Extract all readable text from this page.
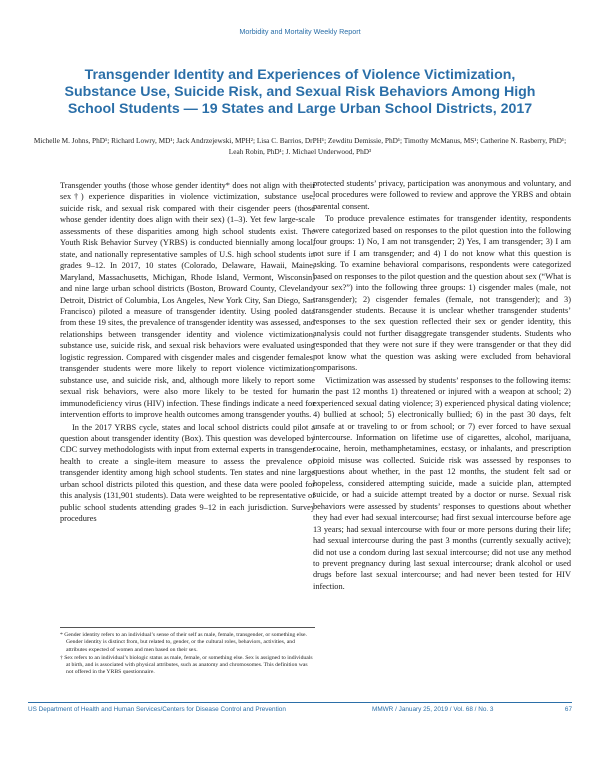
Morbidity and Mortality Weekly Report
Transgender Identity and Experiences of Violence Victimization, Substance Use, Suicide Risk, and Sexual Risk Behaviors Among High School Students — 19 States and Large Urban School Districts, 2017

Michelle M. Johns, PhD¹; Richard Lowry, MD¹; Jack Andrzejewski, MPH²; Lisa C. Barrios, DrPH¹; Zewditu Demissie, PhD¹; Timothy McManus, MS¹; Catherine N. Rasberry, PhD¹; Leah Robin, PhD¹; J. Michael Underwood, PhD³

Transgender youths (those whose gender identity* does not align with their sex†) experience disparities in violence victimization, substance use, suicide risk, and sexual risk compared with their cisgender peers (those whose gender identity does align with their sex) (1–3). Yet few large-scale assessments of these disparities among high school students exist. The Youth Risk Behavior Survey (YRBS) is conducted biennially among local, state, and nationally representative samples of U.S. high school students in grades 9–12. In 2017, 10 states (Colorado, Delaware, Hawaii, Maine, Maryland, Massachusetts, Michigan, Rhode Island, Vermont, Wisconsin) and nine large urban school districts (Boston, Broward County, Cleveland, Detroit, District of Columbia, Los Angeles, New York City, San Diego, San Francisco) piloted a measure of transgender identity. Using pooled data from these 19 sites, the prevalence of transgender identity was assessed, and relationships between transgender identity and violence victimization, substance use, suicide risk, and sexual risk behaviors were evaluated using logistic regression. Compared with cisgender males and cisgender females, transgender students were more likely to report violence victimization, substance use, and suicide risk, and, although more likely to report some sexual risk behaviors, were also more likely to be tested for human immunodeficiency virus (HIV) infection. These findings indicate a need for intervention efforts to improve health outcomes among transgender youths.

In the 2017 YRBS cycle, states and local school districts could pilot a question about transgender identity (Box). This question was developed by CDC survey methodologists with input from external experts in transgender health to create a single-item measure to assess the prevalence of transgender identity among high school students. Ten states and nine large urban school districts piloted this question, and these data were pooled for this analysis (131,901 students). Data were weighted to be representative of public school students attending grades 9–12 in each jurisdiction. Survey procedures

* Gender identity refers to an individual’s sense of their self as male, female, transgender, or something else. Gender identity is distinct from, but related to, gender, or the cultural roles, behaviors, activities, and attributes expected of women and men based on their sex.

† Sex refers to an individual’s biologic status as male, female, or something else. Sex is assigned to individuals at birth, and is associated with physical attributes, such as anatomy and chromosomes. This definition was not offered in the YRBS questionnaire.

protected students’ privacy, participation was anonymous and voluntary, and local procedures were followed to review and approve the YRBS and obtain parental consent.

To produce prevalence estimates for transgender identity, respondents were categorized based on responses to the pilot question into the following four groups: 1) No, I am not transgender; 2) Yes, I am transgender; 3) I am not sure if I am transgender; and 4) I do not know what this question is asking. To examine behavioral comparisons, respondents were categorized based on responses to the pilot question and the question about sex (“What is your sex?”) into the following three groups: 1) cisgender males (male, not transgender); 2) cisgender females (female, not transgender); and 3) transgender students. Because it is unclear whether transgender students’ responses to the sex question reflected their sex or gender identity, this analysis could not further disaggregate transgender students. Students who responded that they were not sure if they were transgender or that they did not know what the question was asking were excluded from behavioral comparisons.

Victimization was assessed by students’ responses to the following items: in the past 12 months 1) threatened or injured with a weapon at school; 2) experienced sexual dating violence; 3) experienced physical dating violence; 4) bullied at school; 5) electronically bullied; 6) in the past 30 days, felt unsafe at or traveling to or from school; or 7) ever forced to have sexual intercourse. Information on lifetime use of cigarettes, alcohol, marijuana, cocaine, heroin, methamphetamines, ecstasy, or inhalants, and prescription opioid misuse was collected. Suicide risk was assessed by responses to questions about whether, in the past 12 months, the student felt sad or hopeless, considered attempting suicide, made a suicide plan, attempted suicide, or had a suicide attempt treated by a doctor or nurse. Sexual risk behaviors were assessed by students’ responses to questions about whether they had ever had sexual intercourse; had first sexual intercourse before age 13 years; had sexual intercourse with four or more persons during their life; had sexual intercourse during the past 3 months (currently sexually active); did not use a condom during last sexual intercourse; did not use any method to prevent pregnancy during last sexual intercourse; drank alcohol or used drugs before last sexual intercourse; and had never been tested for HIV infection.

US Department of Health and Human Services/Centers for Disease Control and Prevention	MMWR / January 25, 2019 / Vol. 68 / No. 3	67
